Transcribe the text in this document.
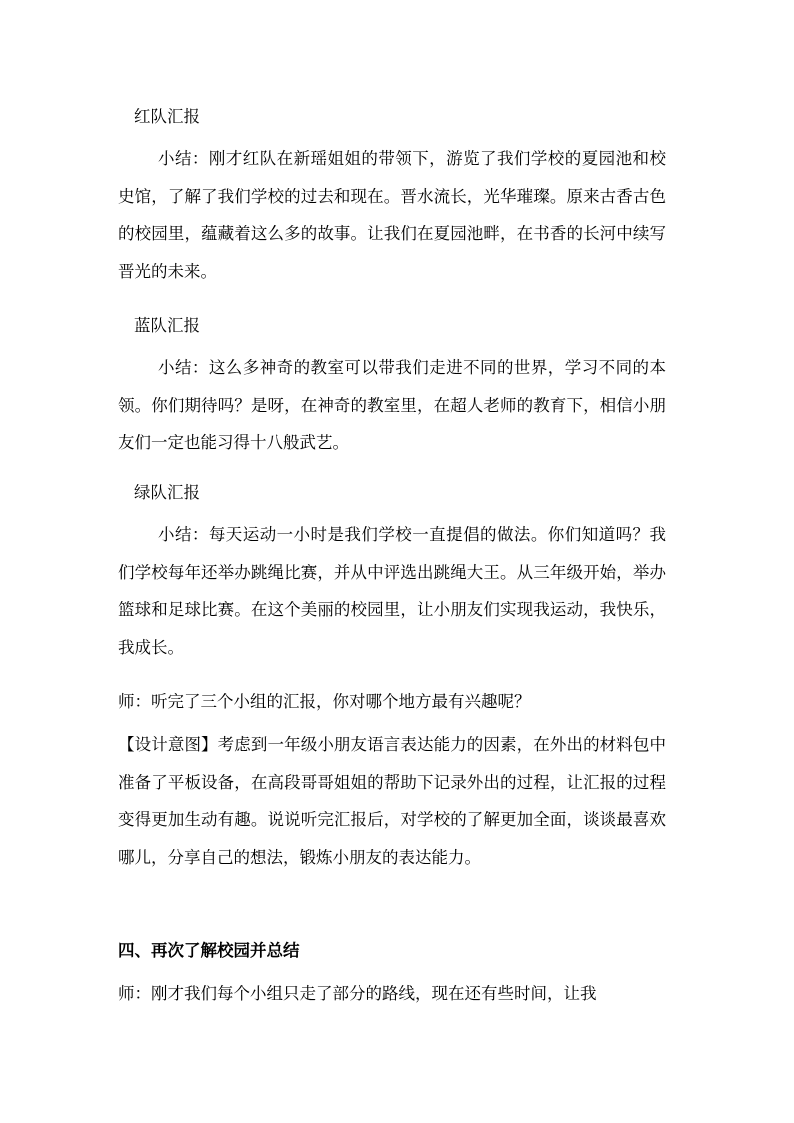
红队汇报

小结：刚才红队在新瑶姐姐的带领下，游览了我们学校的夏园池和校史馆，了解了我们学校的过去和现在。晋水流长，光华璀璨。原来古香古色的校园里，蕴藏着这么多的故事。让我们在夏园池畔，在书香的长河中续写晋光的未来。

蓝队汇报

小结：这么多神奇的教室可以带我们走进不同的世界，学习不同的本领。你们期待吗？是呀，在神奇的教室里，在超人老师的教育下，相信小朋友们一定也能习得十八般武艺。

绿队汇报

小结：每天运动一小时是我们学校一直提倡的做法。你们知道吗？我们学校每年还举办跳绳比赛，并从中评选出跳绳大王。从三年级开始，举办篮球和足球比赛。在这个美丽的校园里，让小朋友们实现我运动，我快乐，我成长。

师：听完了三个小组的汇报，你对哪个地方最有兴趣呢？

【设计意图】考虑到一年级小朋友语言表达能力的因素，在外出的材料包中准备了平板设备，在高段哥哥姐姐的帮助下记录外出的过程，让汇报的过程变得更加生动有趣。说说听完汇报后，对学校的了解更加全面，谈谈最喜欢哪儿，分享自己的想法，锻炼小朋友的表达能力。

四、再次了解校园并总结

师：刚才我们每个小组只走了部分的路线，现在还有些时间，让我
